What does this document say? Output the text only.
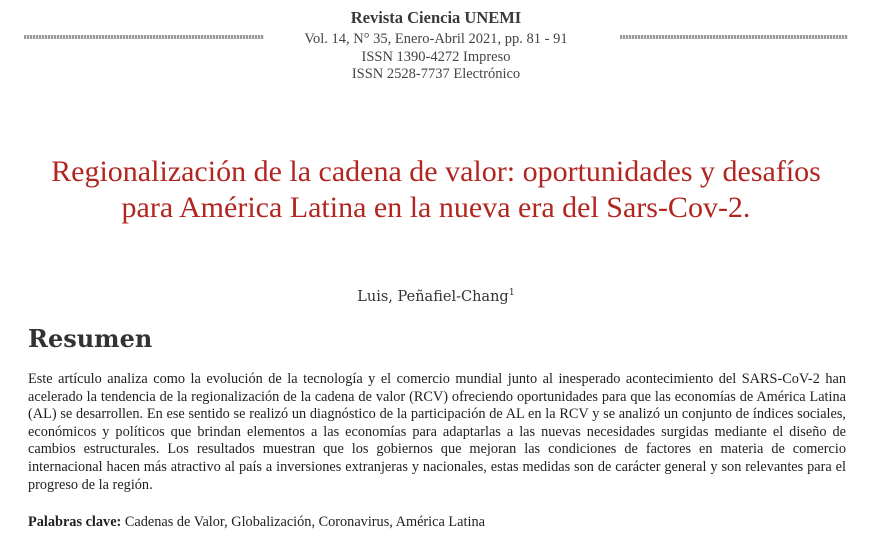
Revista Ciencia UNEMI
Vol. 14, N° 35, Enero-Abril 2021, pp. 81 - 91
ISSN 1390-4272 Impreso
ISSN 2528-7737 Electrónico
Regionalización de la cadena de valor: oportunidades y desafíos para América Latina en la nueva era del Sars-Cov-2.
Luis, Peñafiel-Chang$^1$
Resumen

Este artículo analiza como la evolución de la tecnología y el comercio mundial junto al inesperado acontecimiento del SARS-CoV-2 han acelerado la tendencia de la regionalización de la cadena de valor (RCV) ofreciendo oportunidades para que las economías de América Latina (AL) se desarrollen. En ese sentido se realizó un diagnóstico de la participación de AL en la RCV y se analizó un conjunto de índices sociales, económicos y políticos que brindan elementos a las economías para adaptarlas a las nuevas necesidades surgidas mediante el diseño de cambios estructurales. Los resultados muestran que los gobiernos que mejoran las condiciones de factores en materia de comercio internacional hacen más atractivo al país a inversiones extranjeras y nacionales, estas medidas son de carácter general y son relevantes para el progreso de la región.

Palabras clave: Cadenas de Valor, Globalización, Coronavirus, América Latina
